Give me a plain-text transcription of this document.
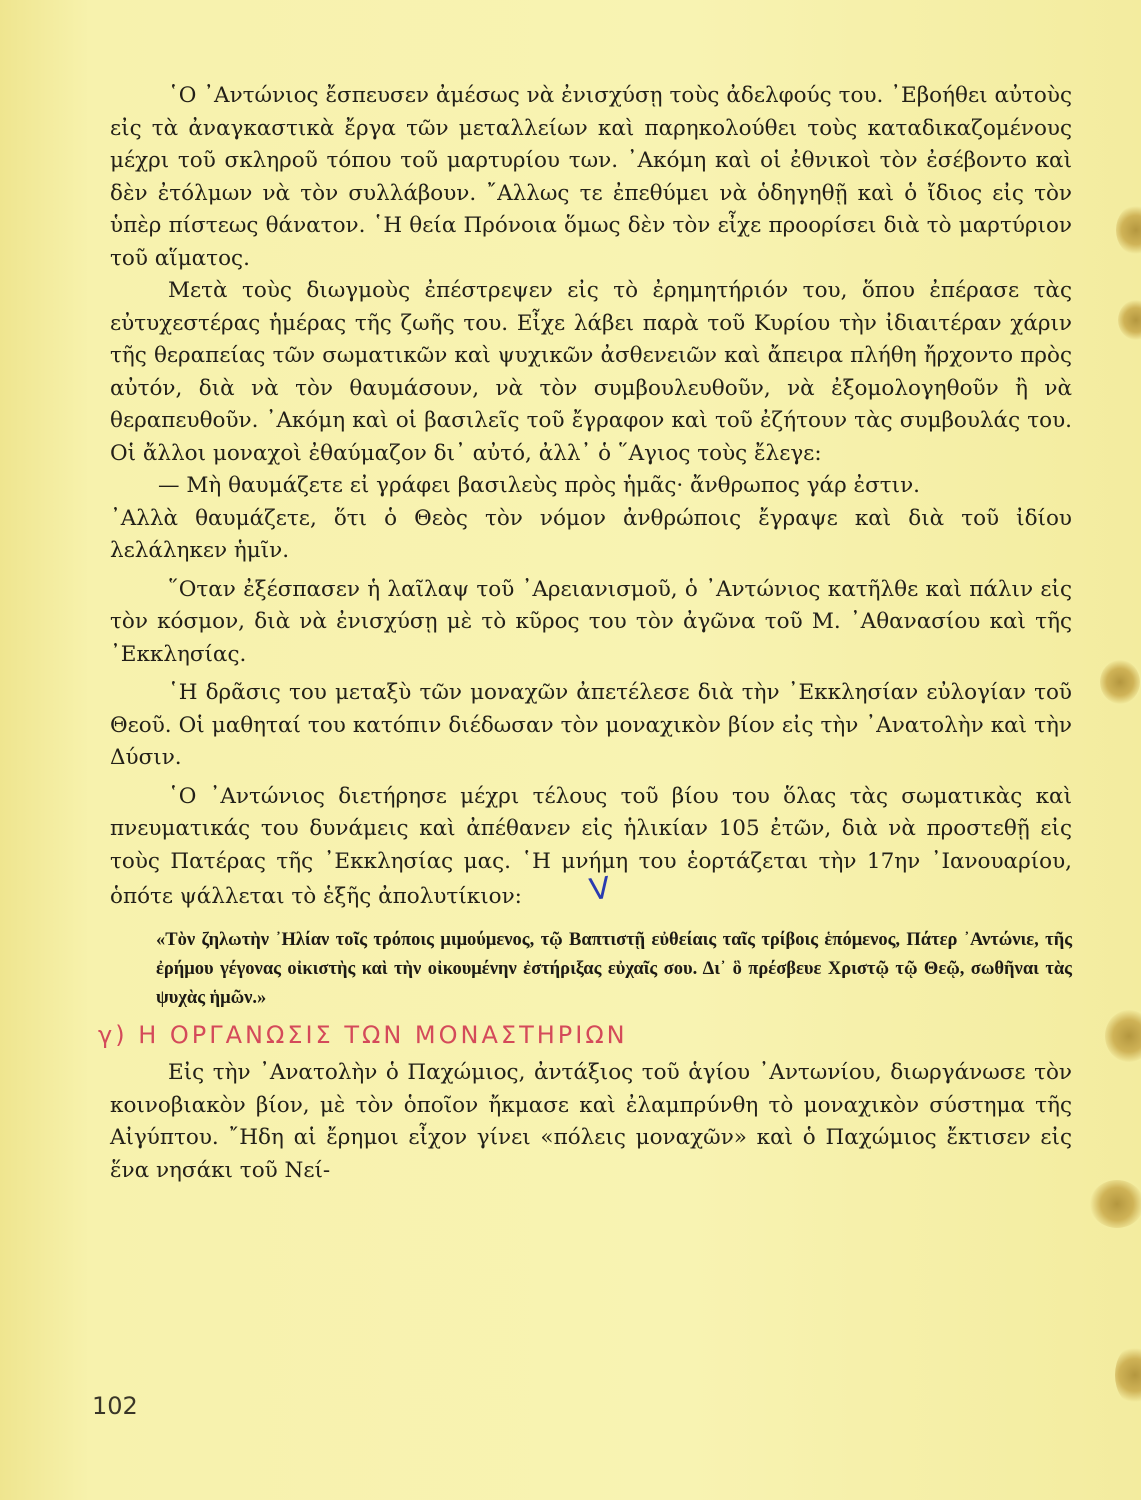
῾Ο ᾿Αντώνιος ἔσπευσεν ἀμέσως νὰ ἐνισχύσῃ τοὺς ἀδελφούς του. ᾿Εβοήθει αὐτοὺς εἰς τὰ ἀναγκαστικὰ ἔργα τῶν μεταλλείων καὶ παρηκολούθει τοὺς καταδικαζομένους μέχρι τοῦ σκληροῦ τόπου τοῦ μαρτυρίου των. ᾿Ακόμη καὶ οἱ ἐθνικοὶ τὸν ἐσέβοντο καὶ δὲν ἐτόλμων νὰ τὸν συλλάβουν. ῎Αλλως τε ἐπεθύμει νὰ ὁδηγηθῇ καὶ ὁ ἴδιος εἰς τὸν ὑπὲρ πίστεως θάνατον. ῾Η θεία Πρόνοια ὅμως δὲν τὸν εἶχε προορίσει διὰ τὸ μαρτύριον τοῦ αἵματος.

Μετὰ τοὺς διωγμοὺς ἐπέστρεψεν εἰς τὸ ἐρημητήριόν του, ὅπου ἐπέρασε τὰς εὐτυχεστέρας ἡμέρας τῆς ζωῆς του. Εἶχε λάβει παρὰ τοῦ Κυρίου τὴν ἰδιαιτέραν χάριν τῆς θεραπείας τῶν σωματικῶν καὶ ψυχικῶν ἀσθενειῶν καὶ ἄπειρα πλήθη ἤρχοντο πρὸς αὐτόν, διὰ νὰ τὸν θαυμάσουν, νὰ τὸν συμβουλευθοῦν, νὰ ἐξομολογηθοῦν ἢ νὰ θεραπευθοῦν. ᾿Ακόμη καὶ οἱ βασιλεῖς τοῦ ἔγραφον καὶ τοῦ ἐζήτουν τὰς συμβουλάς του. Οἱ ἄλλοι μοναχοὶ ἐθαύμαζον δι᾿ αὐτό, ἀλλ᾿ ὁ ῞Αγιος τοὺς ἔλεγε:

— Μὴ θαυμάζετε εἰ γράφει βασιλεὺς πρὸς ἡμᾶς· ἄνθρωπος γάρ ἐστιν.

᾿Αλλὰ θαυμάζετε, ὅτι ὁ Θεὸς τὸν νόμον ἀνθρώποις ἔγραψε καὶ διὰ τοῦ ἰδίου λελάληκεν ἡμῖν.

῞Οταν ἐξέσπασεν ἡ λαῖλαψ τοῦ ᾿Αρειανισμοῦ, ὁ ᾿Αντώνιος κατῆλθε καὶ πάλιν εἰς τὸν κόσμον, διὰ νὰ ἐνισχύσῃ μὲ τὸ κῦρος του τὸν ἀγῶνα τοῦ Μ. ᾿Αθανασίου καὶ τῆς ᾿Εκκλησίας.

῾Η δρᾶσις του μεταξὺ τῶν μοναχῶν ἀπετέλεσε διὰ τὴν ᾿Εκκλησίαν εὐλογίαν τοῦ Θεοῦ. Οἱ μαθηταί του κατόπιν διέδωσαν τὸν μοναχικὸν βίον εἰς τὴν ᾿Ανατολὴν καὶ τὴν Δύσιν.

῾Ο ᾿Αντώνιος διετήρησε μέχρι τέλους τοῦ βίου του ὅλας τὰς σωματικὰς καὶ πνευματικάς του δυνάμεις καὶ ἀπέθανεν εἰς ἡλικίαν 105 ἐτῶν, διὰ νὰ προστεθῇ εἰς τοὺς Πατέρας τῆς ᾿Εκκλησίας μας. ῾Η μνήμη του ἑορτάζεται τὴν 17ην ᾿Ιανουαρίου, ὁπότε ψάλλεται τὸ ἑξῆς ἀπολυτίκιον: V

«Τὸν ζηλωτὴν ᾿Ηλίαν τοῖς τρόποις μιμούμενος, τῷ Βαπτιστῇ εὐθείαις ταῖς τρίβοις ἑπόμενος, Πάτερ ᾿Αντώνιε, τῆς ἐρήμου γέγονας οἰκιστὴς καὶ τὴν οἰκουμένην ἐστήριξας εὐχαῖς σου. Δι᾿ ὃ πρέσβευε Χριστῷ τῷ Θεῷ, σωθῆναι τὰς ψυχὰς ἡμῶν.»

γ) Η ΟΡΓΑΝΩΣΙΣ ΤΩΝ ΜΟΝΑΣΤΗΡΙΩΝ

Εἰς τὴν ᾿Ανατολὴν ὁ Παχώμιος, ἀντάξιος τοῦ ἁγίου ᾿Αντωνίου, διωργάνωσε τὸν κοινοβιακὸν βίον, μὲ τὸν ὁποῖον ἤκμασε καὶ ἐλαμπρύνθη τὸ μοναχικὸν σύστημα τῆς Αἰγύπτου. ῎Ηδη αἱ ἔρημοι εἶχον γίνει «πόλεις μοναχῶν» καὶ ὁ Παχώμιος ἔκτισεν εἰς ἕνα νησάκι τοῦ Νεί-

102
